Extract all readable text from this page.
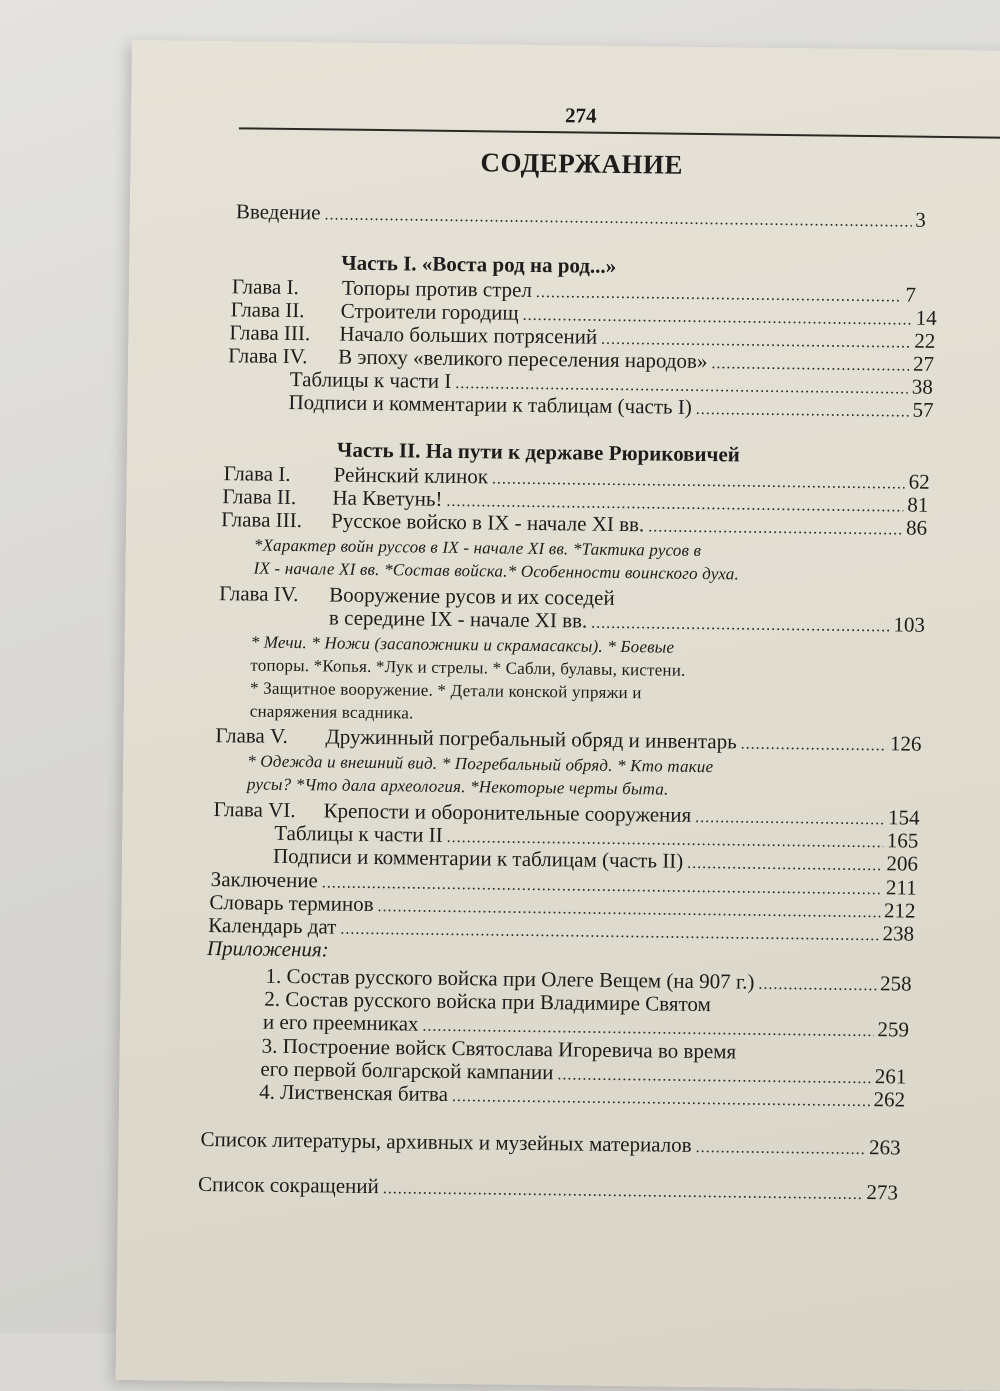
274
СОДЕРЖАНИЕ
Введение .....	3
Часть I. «Воста род на род...»
Глава I. Топоры против стрел .....	7
Глава II. Строители городищ .....	14
Глава III. Начало больших потрясений .....	22
Глава IV. В эпоху «великого переселения народов» .....	27
Таблицы к части I .....	38
Подписи и комментарии к таблицам (часть I) .....	57
Часть II. На пути к державе Рюриковичей
Глава I. Рейнский клинок .....	62
Глава II. На Кветунь! .....	81
Глава III. Русское войско в IX - начале XI вв. .....	86
*Характер войн руссов в IX - начале XI вв. *Тактика русов в
IX - начале XI вв. *Состав войска.* Особенности воинского духа.
Глава IV. Вооружение русов и их соседей
в середине IX - начале XI вв. .....	103
* Мечи. * Ножи (засапожники и скрамасаксы). * Боевые
топоры. *Копья. *Лук и стрелы. * Сабли, булавы, кистени.
* Защитное вооружение. * Детали конской упряжи и
снаряжения всадника.
Глава V. Дружинный погребальный обряд и инвентарь .....	126
* Одежда и внешний вид. * Погребальный обряд. * Кто такие
русы? *Что дала археология. *Некоторые черты быта.
Глава VI. Крепости и оборонительные сооружения .....	154
Таблицы к части II .....	165
Подписи и комментарии к таблицам (часть II) .....	206
Заключение .....	211
Словарь терминов .....	212
Календарь дат .....	238
Приложения:
1. Состав русского войска при Олеге Вещем (на 907 г.) .....	258
2. Состав русского войска при Владимире Святом
и его преемниках .....	259
3. Построение войск Святослава Игоревича во время
его первой болгарской кампании .....	261
4. Лиственская битва .....	262
Список литературы, архивных и музейных материалов .....	263
Список сокращений .....	273
